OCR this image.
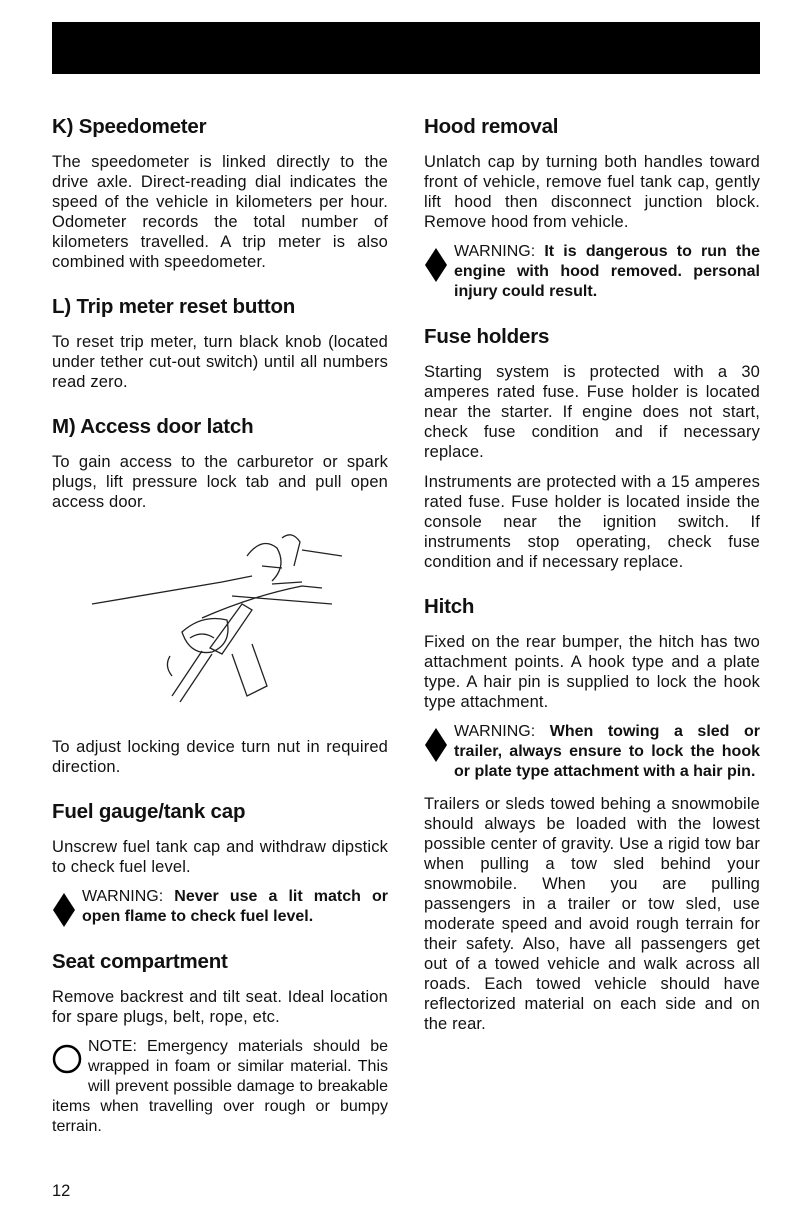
K) Speedometer

The speedometer is linked directly to the drive axle. Direct-reading dial indicates the speed of the vehicle in kilometers per hour. Odometer records the total number of kilometers travelled. A trip meter is also combined with speedometer.

L) Trip meter reset button

To reset trip meter, turn black knob (located under tether cut-out switch) until all numbers read zero.

M) Access door latch

To gain access to the carburetor or spark plugs, lift pressure lock tab and pull open access door.

To adjust locking device turn nut in required direction.

Fuel gauge/tank cap

Unscrew fuel tank cap and withdraw dipstick to check fuel level.

WARNING: Never use a lit match or open flame to check fuel level.
Seat compartment

Remove backrest and tilt seat. Ideal location for spare plugs, belt, rope, etc.

NOTE: Emergency materials should be wrapped in foam or similar material. This will prevent possible damage to breakable items when travelling over rough or bumpy terrain.
Hood removal

Unlatch cap by turning both handles toward front of vehicle, remove fuel tank cap, gently lift hood then disconnect junction block. Remove hood from vehicle.

WARNING: It is dangerous to run the engine with hood removed. personal injury could result.
Fuse holders

Starting system is protected with a 30 amperes rated fuse. Fuse holder is located near the starter. If engine does not start, check fuse condition and if necessary replace.

Instruments are protected with a 15 amperes rated fuse. Fuse holder is located inside the console near the ignition switch. If instruments stop operating, check fuse condition and if necessary replace.

Hitch

Fixed on the rear bumper, the hitch has two attachment points. A hook type and a plate type. A hair pin is supplied to lock the hook type attachment.

WARNING: When towing a sled or trailer, always ensure to lock the hook or plate type attachment with a hair pin.

Trailers or sleds towed behing a snowmobile should always be loaded with the lowest possible center of gravity. Use a rigid tow bar when pulling a tow sled behind your snowmobile. When you are pulling passengers in a trailer or tow sled, use moderate speed and avoid rough terrain for their safety. Also, have all passengers get out of a towed vehicle and walk across all roads. Each towed vehicle should have reflectorized material on each side and on the rear.

12
